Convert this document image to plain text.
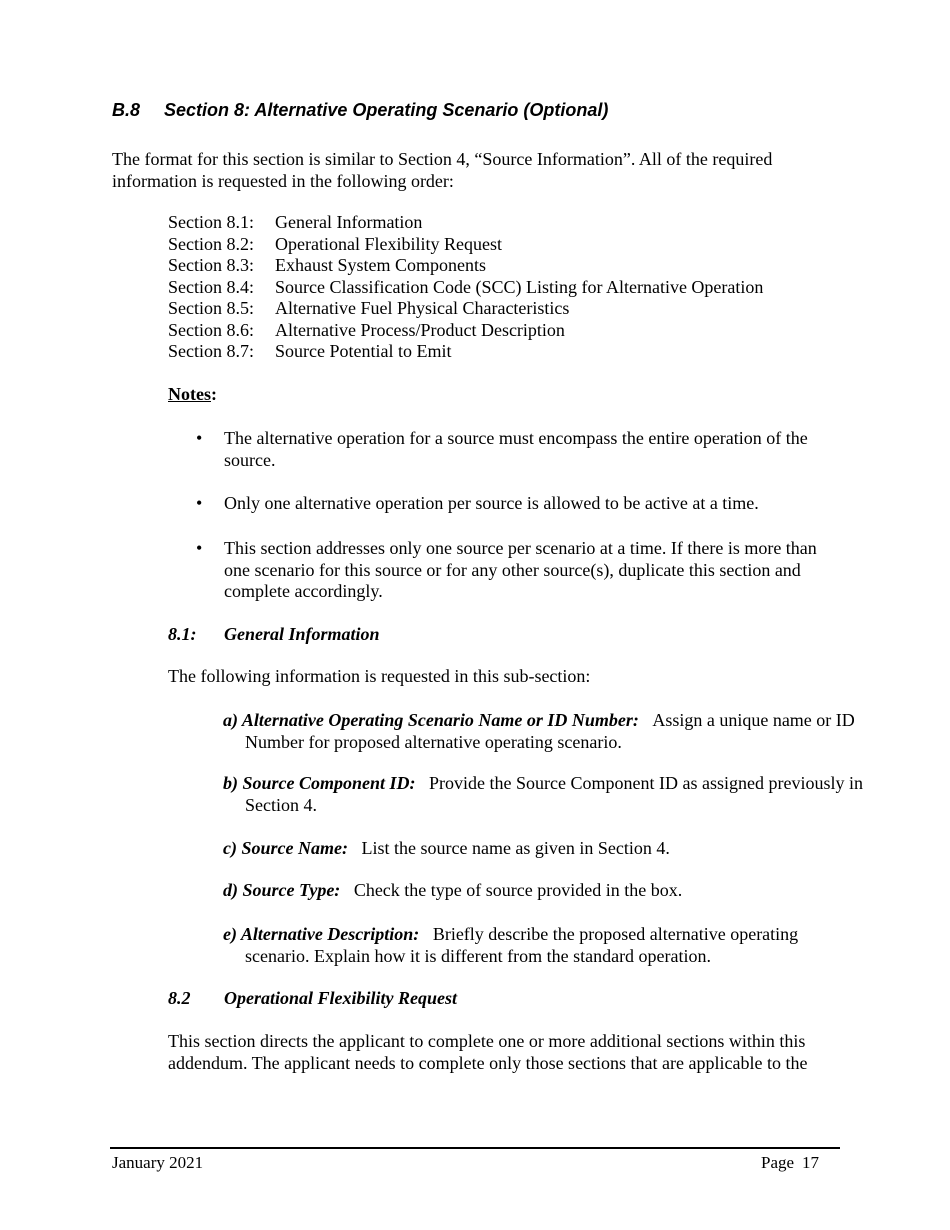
B.8 Section 8: Alternative Operating Scenario (Optional)

The format for this section is similar to Section 4, “Source Information”. All of the required information is requested in the following order:

Section 8.1: General Information
Section 8.2: Operational Flexibility Request
Section 8.3: Exhaust System Components
Section 8.4: Source Classification Code (SCC) Listing for Alternative Operation
Section 8.5: Alternative Fuel Physical Characteristics
Section 8.6: Alternative Process/Product Description
Section 8.7: Source Potential to Emit
Notes:
•	The alternative operation for a source must encompass the entire operation of the source.
•	Only one alternative operation per source is allowed to be active at a time.
•	This section addresses only one source per scenario at a time. If there is more than one scenario for this source or for any other source(s), duplicate this section and complete accordingly.
8.1: General Information

The following information is requested in this sub-section:

a) Alternative Operating Scenario Name or ID Number: Assign a unique name or ID Number for proposed alternative operating scenario.

b) Source Component ID: Provide the Source Component ID as assigned previously in Section 4.

c) Source Name: List the source name as given in Section 4.

d) Source Type: Check the type of source provided in the box.

e) Alternative Description: Briefly describe the proposed alternative operating scenario. Explain how it is different from the standard operation.

8.2 Operational Flexibility Request

This section directs the applicant to complete one or more additional sections within this addendum. The applicant needs to complete only those sections that are applicable to the

January 2021	Page 17
